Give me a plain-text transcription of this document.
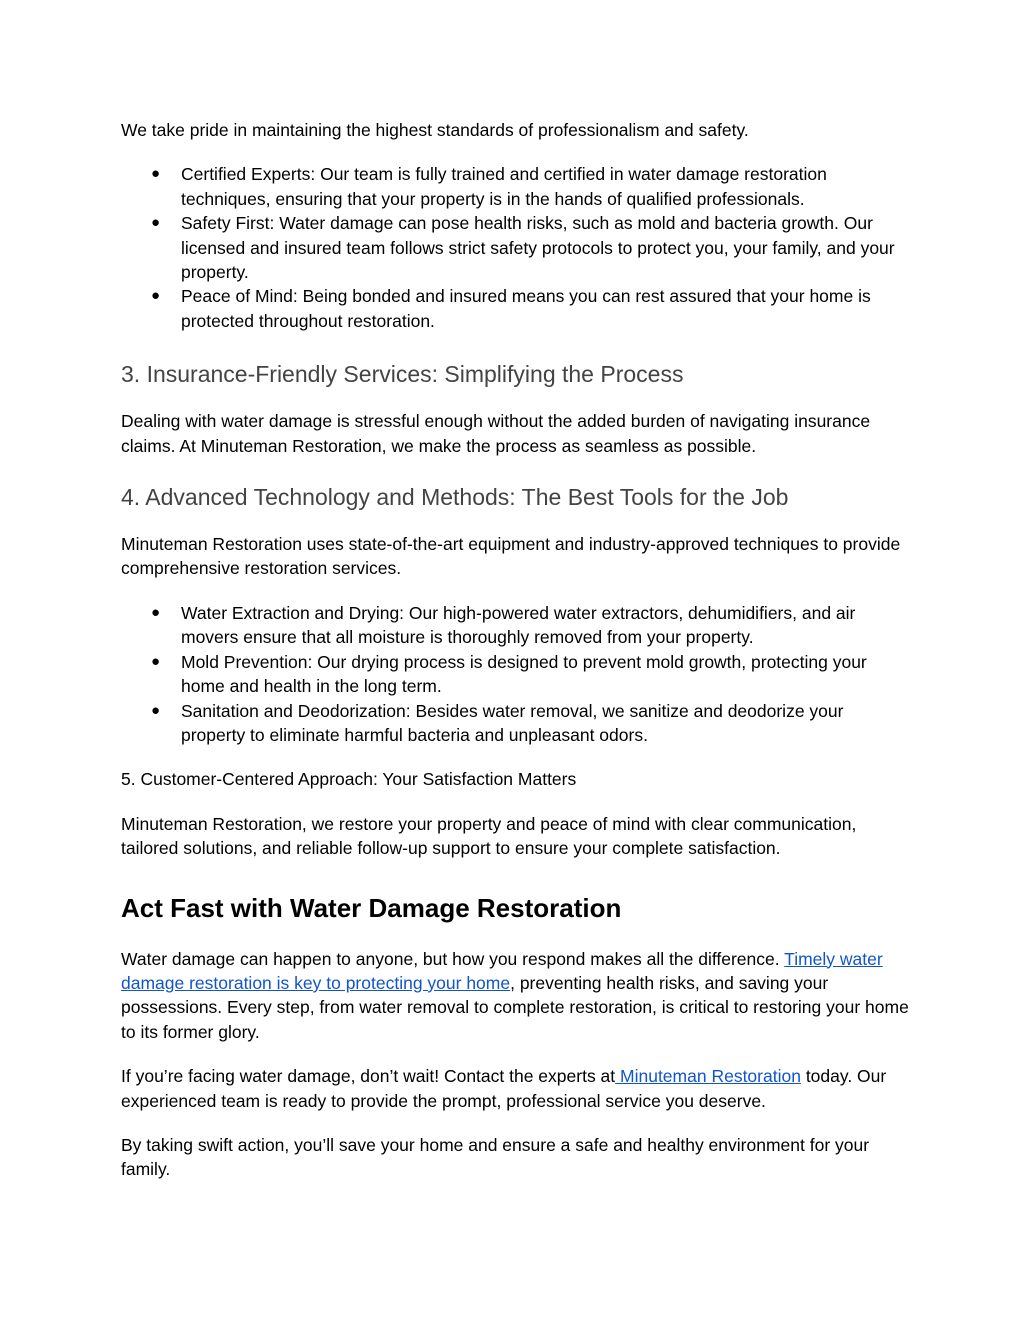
We take pride in maintaining the highest standards of professionalism and safety.

● Certified Experts: Our team is fully trained and certified in water damage restoration techniques, ensuring that your property is in the hands of qualified professionals.
● Safety First: Water damage can pose health risks, such as mold and bacteria growth. Our licensed and insured team follows strict safety protocols to protect you, your family, and your property.
● Peace of Mind: Being bonded and insured means you can rest assured that your home is protected throughout restoration.
3. Insurance-Friendly Services: Simplifying the Process

Dealing with water damage is stressful enough without the added burden of navigating insurance claims. At Minuteman Restoration, we make the process as seamless as possible.

4. Advanced Technology and Methods: The Best Tools for the Job

Minuteman Restoration uses state-of-the-art equipment and industry-approved techniques to provide comprehensive restoration services.

● Water Extraction and Drying: Our high-powered water extractors, dehumidifiers, and air movers ensure that all moisture is thoroughly removed from your property.
● Mold Prevention: Our drying process is designed to prevent mold growth, protecting your home and health in the long term.
● Sanitation and Deodorization: Besides water removal, we sanitize and deodorize your property to eliminate harmful bacteria and unpleasant odors.

5. Customer-Centered Approach: Your Satisfaction Matters

Minuteman Restoration, we restore your property and peace of mind with clear communication, tailored solutions, and reliable follow-up support to ensure your complete satisfaction.

Act Fast with Water Damage Restoration

Water damage can happen to anyone, but how you respond makes all the difference. Timely water damage restoration is key to protecting your home, preventing health risks, and saving your possessions. Every step, from water removal to complete restoration, is critical to restoring your home to its former glory.

If you’re facing water damage, don’t wait! Contact the experts at Minuteman Restoration today. Our experienced team is ready to provide the prompt, professional service you deserve.

By taking swift action, you’ll save your home and ensure a safe and healthy environment for your family.
